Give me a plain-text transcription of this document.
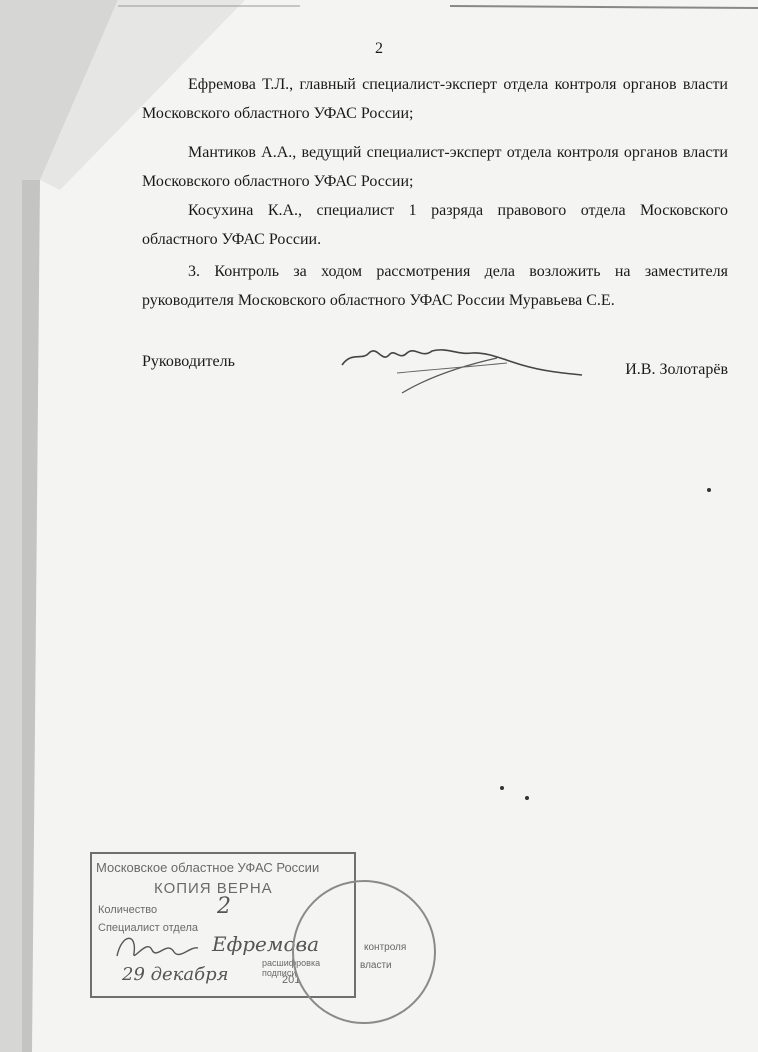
2

Ефремова Т.Л., главный специалист-эксперт отдела контроля органов власти Московского областного УФАС России;

Мантиков А.А., ведущий специалист-эксперт отдела контроля органов власти Московского областного УФАС России;

Косухина К.А., специалист 1 разряда правового отдела Московского областного УФАС России.

3. Контроль за ходом рассмотрения дела возложить на заместителя руководителя Московского областного УФАС России Муравьева С.Е.

Руководитель	И.В. Золотарёв
Московское областное УФАС России
КОПИЯ ВЕРНА
Количество	2
Специалист отдела
Ефремова
расшифровка подписи
29 декабря	201
контроля
власти
